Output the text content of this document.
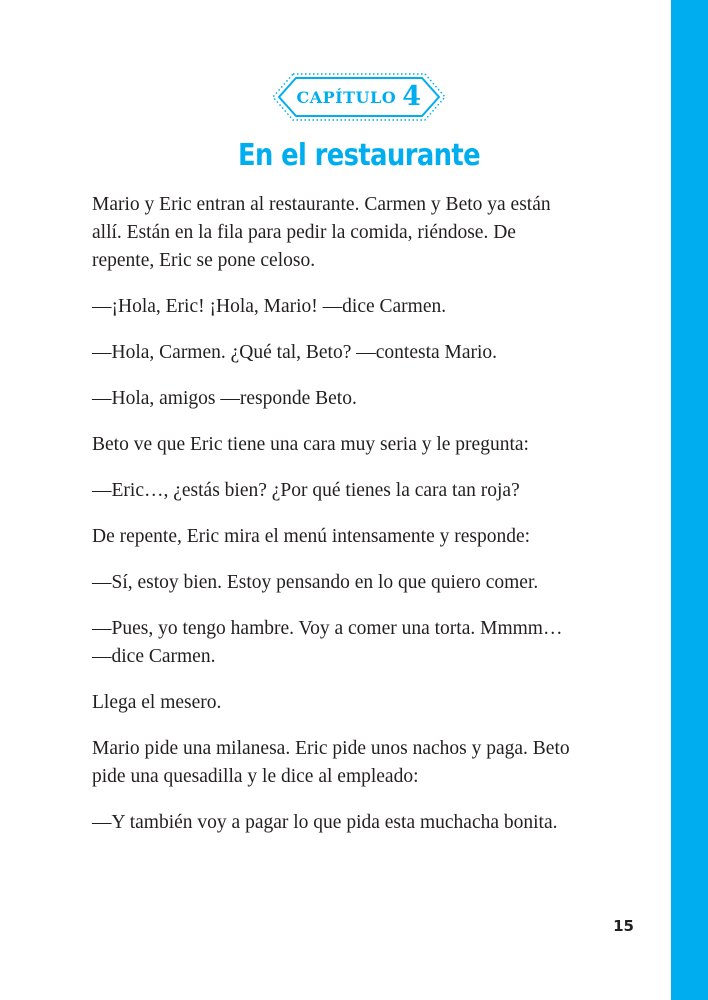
CAPÍTULO 4
En el restaurante

Mario y Eric entran al restaurante. Carmen y Beto ya están
allí. Están en la fila para pedir la comida, riéndose. De
repente, Eric se pone celoso.

—¡Hola, Eric! ¡Hola, Mario! —dice Carmen.

—Hola, Carmen. ¿Qué tal, Beto? —contesta Mario.

—Hola, amigos —responde Beto.

Beto ve que Eric tiene una cara muy seria y le pregunta:

—Eric…, ¿estás bien? ¿Por qué tienes la cara tan roja?

De repente, Eric mira el menú intensamente y responde:

—Sí, estoy bien. Estoy pensando en lo que quiero comer.

—Pues, yo tengo hambre. Voy a comer una torta. Mmmm…
—dice Carmen.

Llega el mesero.

Mario pide una milanesa. Eric pide unos nachos y paga. Beto
pide una quesadilla y le dice al empleado:

—Y también voy a pagar lo que pida esta muchacha bonita.

15
